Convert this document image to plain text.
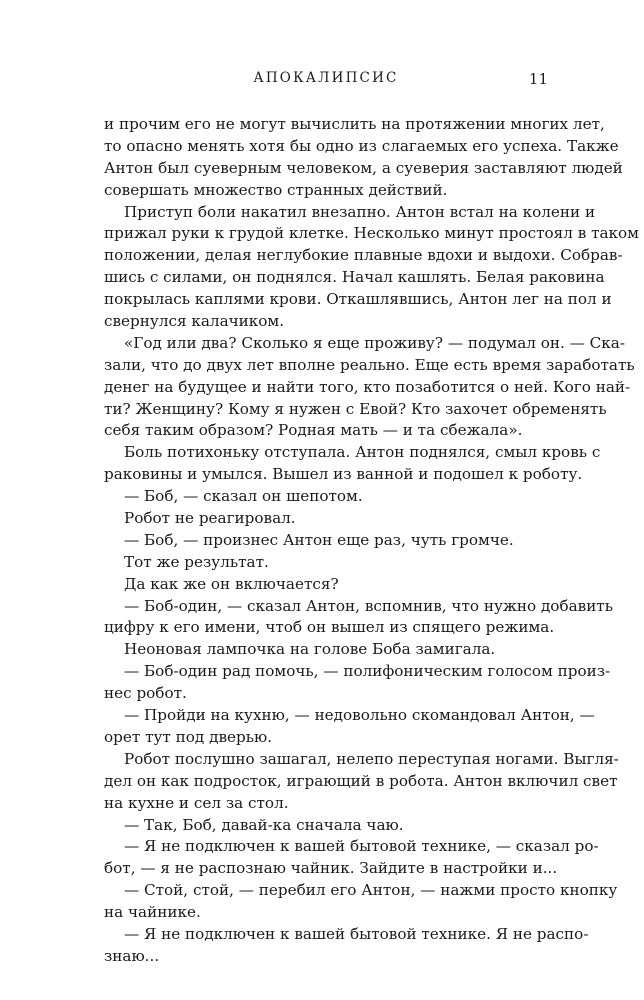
АПОКАЛИПСИС	11
и прочим его не могут вычислить на протяжении многих лет,
то опасно менять хотя бы одно из слагаемых его успеха. Также
Антон был суеверным человеком, а суеверия заставляют людей
совершать множество странных действий.
Приступ боли накатил внезапно. Антон встал на колени и
прижал руки к грудой клетке. Несколько минут простоял в таком
положении, делая неглубокие плавные вдохи и выдохи. Собрав-
шись с силами, он поднялся. Начал кашлять. Белая раковина
покрылась каплями крови. Откашлявшись, Антон лег на пол и
свернулся калачиком.
«Год или два? Сколько я еще проживу? — подумал он. — Ска-
зали, что до двух лет вполне реально. Еще есть время заработать
денег на будущее и найти того, кто позаботится о ней. Кого най-
ти? Женщину? Кому я нужен с Евой? Кто захочет обременять
себя таким образом? Родная мать — и та сбежала».
Боль потихоньку отступала. Антон поднялся, смыл кровь с
раковины и умылся. Вышел из ванной и подошел к роботу.
— Боб, — сказал он шепотом.
Робот не реагировал.
— Боб, — произнес Антон еще раз, чуть громче.
Тот же результат.
Да как же он включается?
— Боб-один, — сказал Антон, вспомнив, что нужно добавить
цифру к его имени, чтоб он вышел из спящего режима.
Неоновая лампочка на голове Боба замигала.
— Боб-один рад помочь, — полифоническим голосом произ-
нес робот.
— Пройди на кухню, — недовольно скомандовал Антон, —
орет тут под дверью.
Робот послушно зашагал, нелепо переступая ногами. Выгля-
дел он как подросток, играющий в робота. Антон включил свет
на кухне и сел за стол.
— Так, Боб, давай-ка сначала чаю.
— Я не подключен к вашей бытовой технике, — сказал ро-
бот, — я не распознаю чайник. Зайдите в настройки и...
— Стой, стой, — перебил его Антон, — нажми просто кнопку
на чайнике.
— Я не подключен к вашей бытовой технике. Я не распо-
знаю...
